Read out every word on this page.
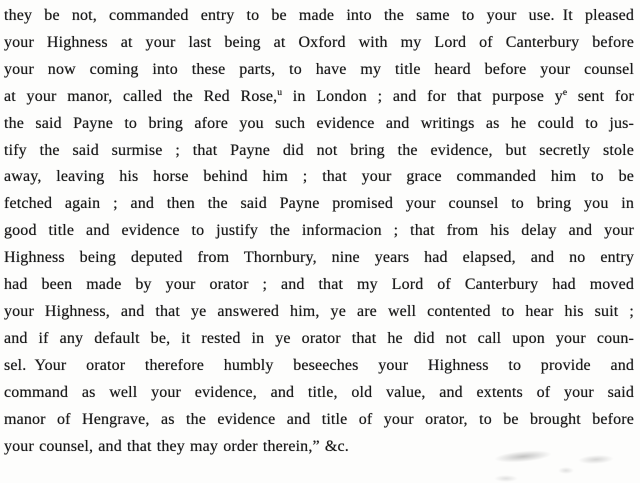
they be not, commanded entry to be made into the same to your use. It pleased
your Highness at your last being at Oxford with my Lord of Canterbury before
your now coming into these parts, to have my title heard before your counsel
at your manor, called the Red Rose,$^u$ in London ; and for that purpose y$^e$ sent for
the said Payne to bring afore you such evidence and writings as he could to jus-
tify the said surmise ; that Payne did not bring the evidence, but secretly stole
away, leaving his horse behind him ; that your grace commanded him to be
fetched again ; and then the said Payne promised your counsel to bring you in
good title and evidence to justify the informacion ; that from his delay and your
Highness being deputed from Thornbury, nine years had elapsed, and no entry
had been made by your orator ; and that my Lord of Canterbury had moved
your Highness, and that ye answered him, ye are well contented to hear his suit ;
and if any default be, it rested in ye orator that he did not call upon your coun-
sel. Your orator therefore humbly beseeches your Highness to provide and
command as well your evidence, and title, old value, and extents of your said
manor of Hengrave, as the evidence and title of your orator, to be brought before
your counsel, and that they may order therein,” &c.
